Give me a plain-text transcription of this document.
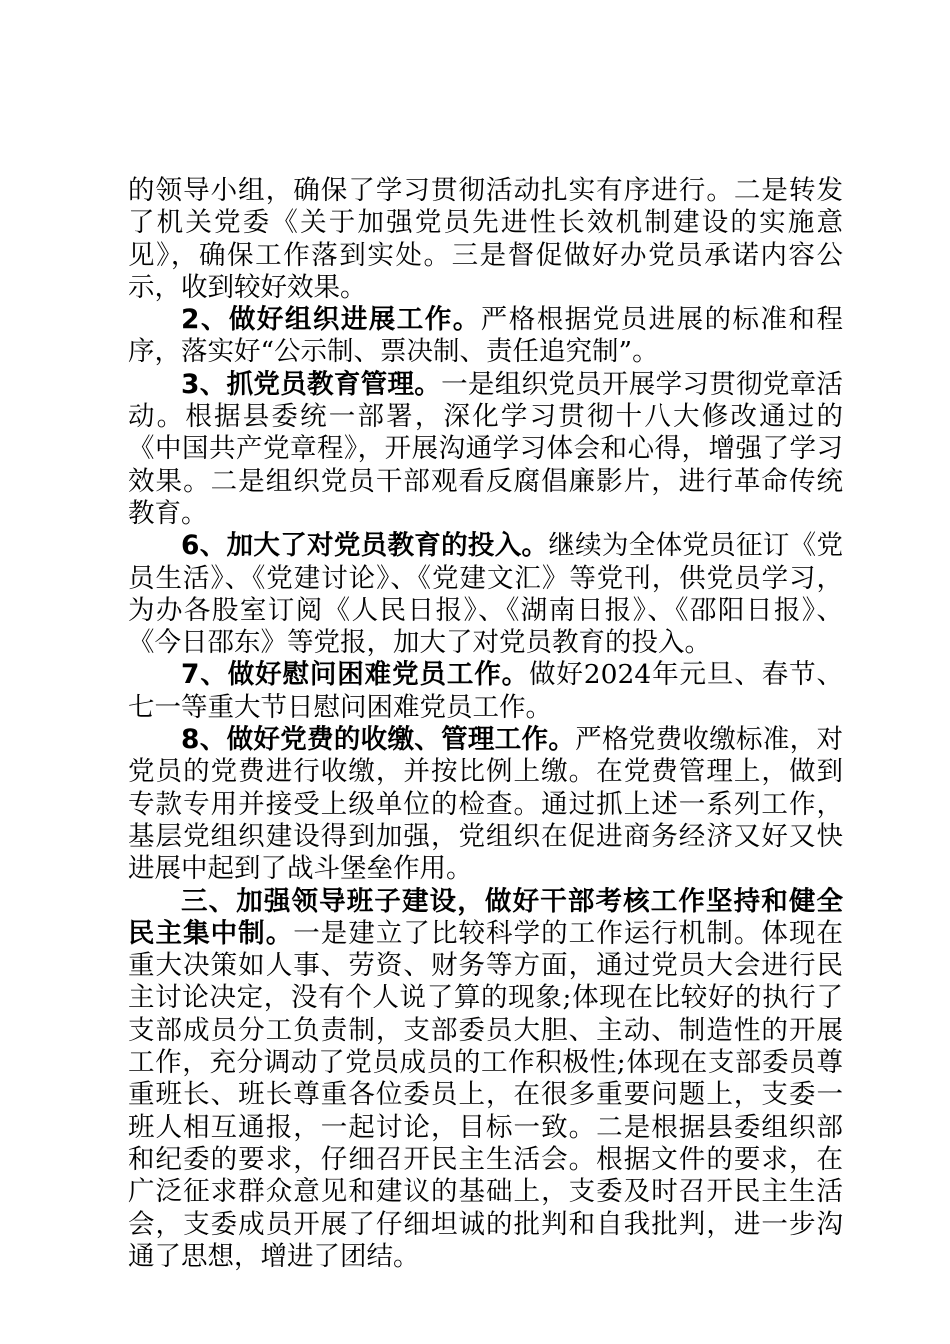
的领导小组，确保了学习贯彻活动扎实有序进行。二是转发了机关党委《关于加强党员先进性长效机制建设的实施意见》，确保工作落到实处。三是督促做好办党员承诺内容公示，收到较好效果。

2、做好组织进展工作。严格根据党员进展的标准和程序，落实好“公示制、票决制、责任追究制”。

3、抓党员教育管理。一是组织党员开展学习贯彻党章活动。根据县委统一部署，深化学习贯彻十八大修改通过的《中国共产党章程》，开展沟通学习体会和心得，增强了学习效果。二是组织党员干部观看反腐倡廉影片，进行革命传统教育。

6、加大了对党员教育的投入。继续为全体党员征订《党员生活》、《党建讨论》、《党建文汇》等党刊，供党员学习，为办各股室订阅《人民日报》、《湖南日报》、《邵阳日报》、《今日邵东》等党报，加大了对党员教育的投入。

7、做好慰问困难党员工作。做好2024年元旦、春节、七一等重大节日慰问困难党员工作。

8、做好党费的收缴、管理工作。严格党费收缴标准，对党员的党费进行收缴，并按比例上缴。在党费管理上，做到专款专用并接受上级单位的检查。通过抓上述一系列工作，基层党组织建设得到加强，党组织在促进商务经济又好又快进展中起到了战斗堡垒作用。

三、加强领导班子建设，做好干部考核工作坚持和健全民主集中制。一是建立了比较科学的工作运行机制。体现在重大决策如人事、劳资、财务等方面，通过党员大会进行民主讨论决定，没有个人说了算的现象;体现在比较好的执行了支部成员分工负责制，支部委员大胆、主动、制造性的开展工作，充分调动了党员成员的工作积极性;体现在支部委员尊重班长、班长尊重各位委员上，在很多重要问题上，支委一班人相互通报，一起讨论，目标一致。二是根据县委组织部和纪委的要求，仔细召开民主生活会。根据文件的要求，在广泛征求群众意见和建议的基础上，支委及时召开民主生活会，支委成员开展了仔细坦诚的批判和自我批判，进一步沟通了思想，增进了团结。
